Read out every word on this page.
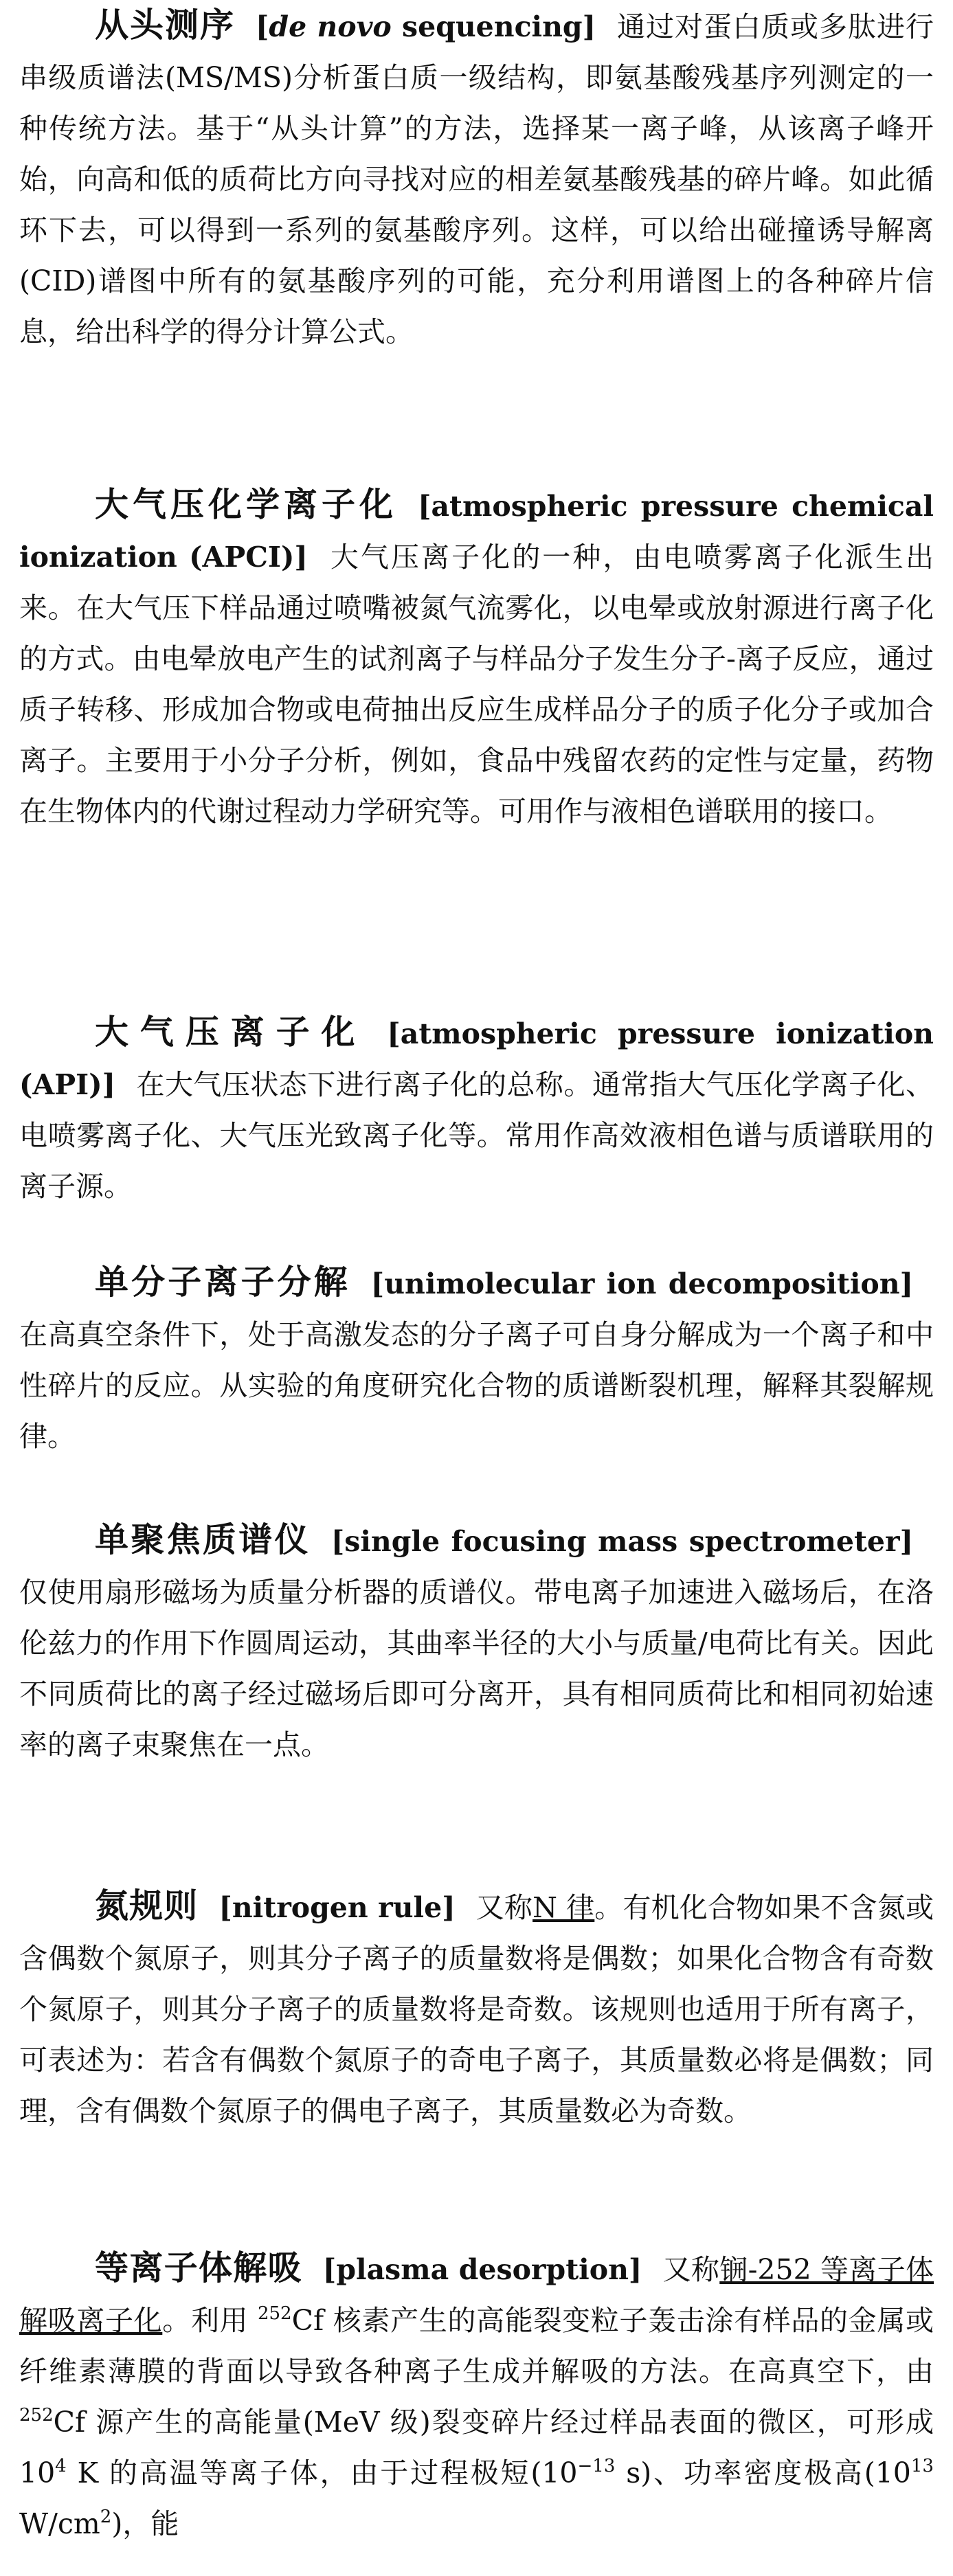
从头测序 [de novo sequencing] 通过对蛋白质或多肽进行串级质谱法(MS/MS)分析蛋白质一级结构，即氨基酸残基序列测定的一种传统方法。基于“从头计算”的方法，选择某一离子峰，从该离子峰开始，向高和低的质荷比方向寻找对应的相差氨基酸残基的碎片峰。如此循环下去，可以得到一系列的氨基酸序列。这样，可以给出碰撞诱导解离(CID)谱图中所有的氨基酸序列的可能，充分利用谱图上的各种碎片信息，给出科学的得分计算公式。

大气压化学离子化 [atmospheric pressure chemical ionization (APCI)] 大气压离子化的一种，由电喷雾离子化派生出来。在大气压下样品通过喷嘴被氮气流雾化，以电晕或放射源进行离子化的方式。由电晕放电产生的试剂离子与样品分子发生分子-离子反应，通过质子转移、形成加合物或电荷抽出反应生成样品分子的质子化分子或加合离子。主要用于小分子分析，例如，食品中残留农药的定性与定量，药物在生物体内的代谢过程动力学研究等。可用作与液相色谱联用的接口。

大气压离子化 [atmospheric pressure ionization (API)] 在大气压状态下进行离子化的总称。通常指大气压化学离子化、电喷雾离子化、大气压光致离子化等。常用作高效液相色谱与质谱联用的离子源。

单分子离子分解 [unimolecular ion decomposition]在高真空条件下，处于高激发态的分子离子可自身分解成为一个离子和中性碎片的反应。从实验的角度研究化合物的质谱断裂机理，解释其裂解规律。

单聚焦质谱仪 [single focusing mass spectrometer]仅使用扇形磁场为质量分析器的质谱仪。带电离子加速进入磁场后，在洛伦兹力的作用下作圆周运动，其曲率半径的大小与质量/电荷比有关。因此不同质荷比的离子经过磁场后即可分离开，具有相同质荷比和相同初始速率的离子束聚焦在一点。

氮规则 [nitrogen rule] 又称N 律。有机化合物如果不含氮或含偶数个氮原子，则其分子离子的质量数将是偶数；如果化合物含有奇数个氮原子，则其分子离子的质量数将是奇数。该规则也适用于所有离子，可表述为：若含有偶数个氮原子的奇电子离子，其质量数必将是偶数；同理，含有偶数个氮原子的偶电子离子，其质量数必为奇数。

等离子体解吸 [plasma desorption] 又称锎-252 等离子体解吸离子化。利用 $^{252}$Cf 核素产生的高能裂变粒子轰击涂有样品的金属或纤维素薄膜的背面以导致各种离子生成并解吸的方法。在高真空下，由 $^{252}$Cf 源产生的高能量(MeV 级)裂变碎片经过样品表面的微区，可形成 $10^4$ K 的高温等离子体，由于过程极短($10^{-13}$ s)、功率密度极高($10^{13}$ $W/cm^2$)，能
